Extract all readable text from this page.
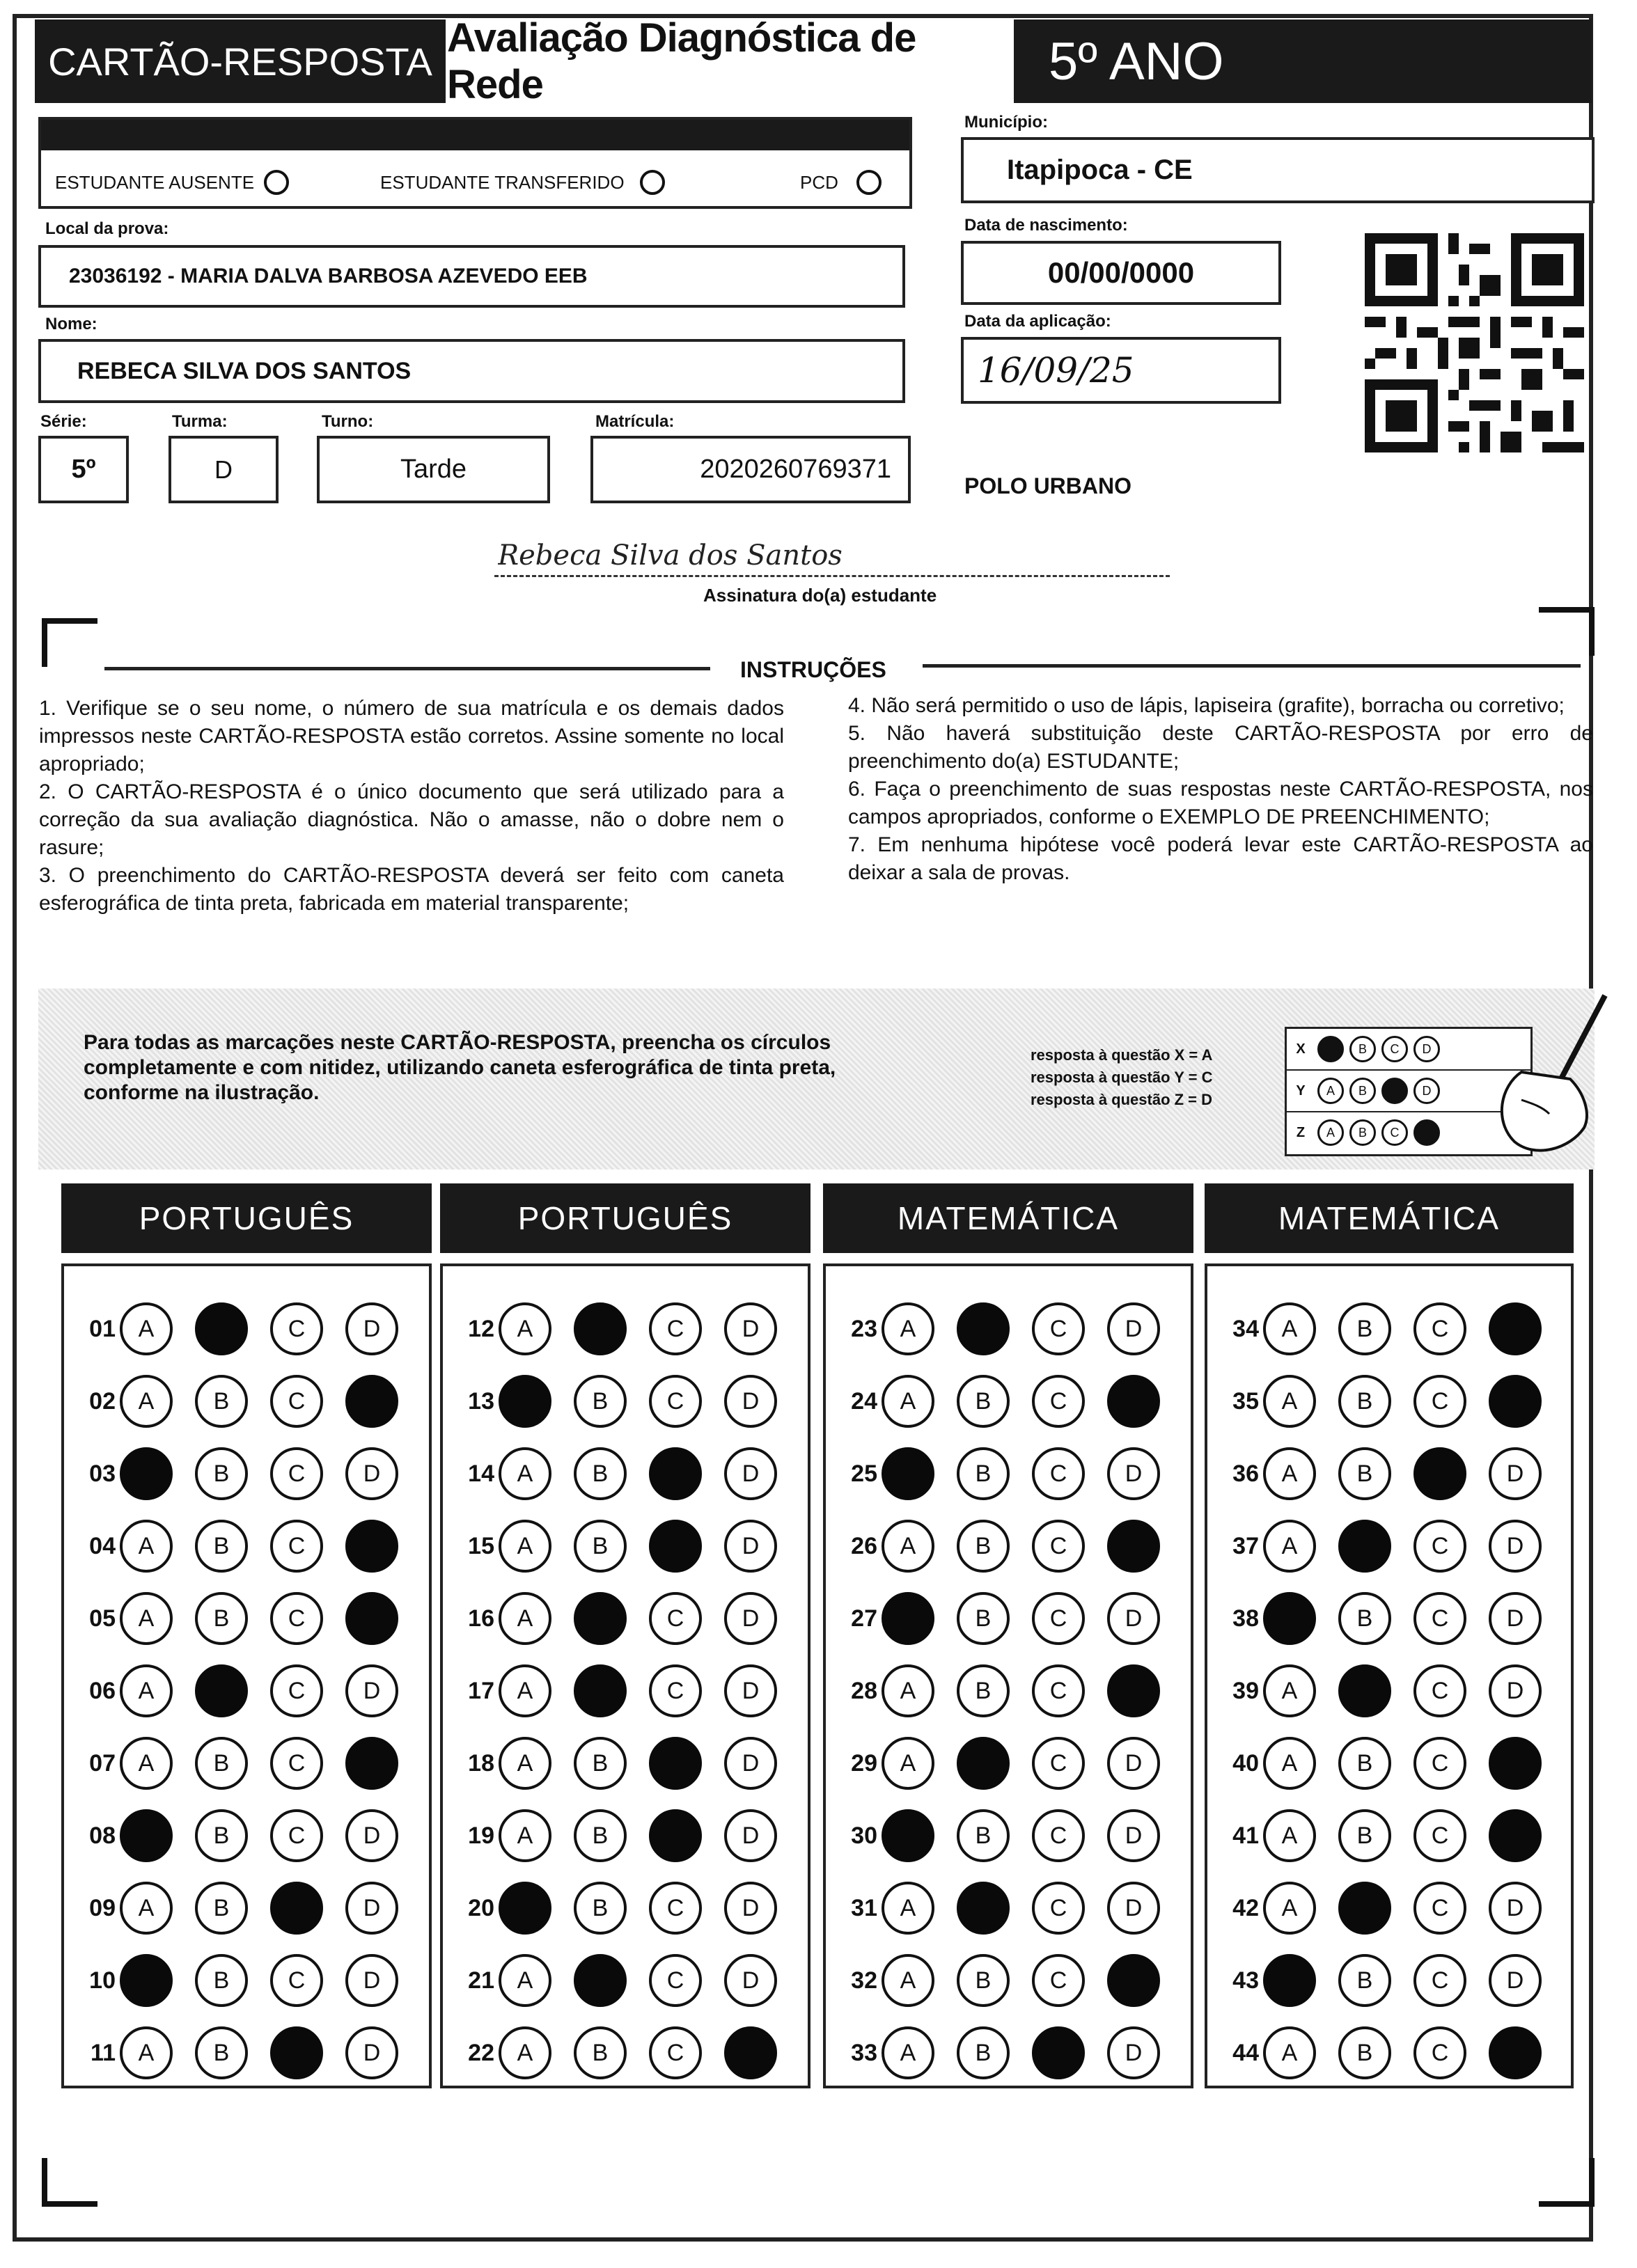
CARTÃO-RESPOSTA
Avaliação Diagnóstica de Rede	5º ANO
ESTUDANTE AUSENTE	ESTUDANTE TRANSFERIDO	PCD
Município:
Itapipoca - CE
Local da prova:
23036192 - MARIA DALVA BARBOSA AZEVEDO EEB
Data de nascimento:
00/00/0000
Nome:
REBECA SILVA DOS SANTOS
Data da aplicação:
16/09/25
Série:
5º
Turma:
D
Turno:
Tarde
Matrícula:
2020260769371
POLO URBANO
Rebeca Silva dos Santos
Assinatura do(a) estudante
INSTRUÇÕES

1. Verifique se o seu nome, o número de sua matrícula e os demais dados impressos neste CARTÃO-RESPOSTA estão corretos. Assine somente no local apropriado;

2. O CARTÃO-RESPOSTA é o único documento que será utilizado para a correção da sua avaliação diagnóstica. Não o amasse, não o dobre nem o rasure;

3. O preenchimento do CARTÃO-RESPOSTA deverá ser feito com caneta esferográfica de tinta preta, fabricada em material transparente;

4. Não será permitido o uso de lápis, lapiseira (grafite), borracha ou corretivo;

5. Não haverá substituição deste CARTÃO-RESPOSTA por erro de preenchimento do(a) ESTUDANTE;

6. Faça o preenchimento de suas respostas neste CARTÃO-RESPOSTA, nos campos apropriados, conforme o EXEMPLO DE PREENCHIMENTO;

7. Em nenhuma hipótese você poderá levar este CARTÃO-RESPOSTA ao deixar a sala de provas.

Para todas as marcações neste CARTÃO-RESPOSTA, preencha os círculos completamente e com nitidez, utilizando caneta esferográfica de tinta preta, conforme na ilustração.
resposta à questão X = A
resposta à questão Y = C
resposta à questão Z = D
X	B	C	D
Y	A	B	D
Z	A	B	C
PORTUGUÊS
01 A	B	C	D
02 A	B	C	D
03 A	B	C	D
04 A	B	C	D
05 A	B	C	D
06 A	B	C	D
07 A	B	C	D
08 A	B	C	D
09 A	B	C	D
10 A	B	C	D
11 A	B	C	D
PORTUGUÊS
12 A	B	C	D
13 A	B	C	D
14 A	B	C	D
15 A	B	C	D
16 A	B	C	D
17 A	B	C	D
18 A	B	C	D
19 A	B	C	D
20 A	B	C	D
21 A	B	C	D
22 A	B	C	D
MATEMÁTICA
23 A	B	C	D
24 A	B	C	D
25 A	B	C	D
26 A	B	C	D
27 A	B	C	D
28 A	B	C	D
29 A	B	C	D
30 A	B	C	D
31 A	B	C	D
32 A	B	C	D
33 A	B	C	D
MATEMÁTICA
34 A	B	C	D
35 A	B	C	D
36 A	B	C	D
37 A	B	C	D
38 A	B	C	D
39 A	B	C	D
40 A	B	C	D
41 A	B	C	D
42 A	B	C	D
43 A	B	C	D
44 A	B	C	D
